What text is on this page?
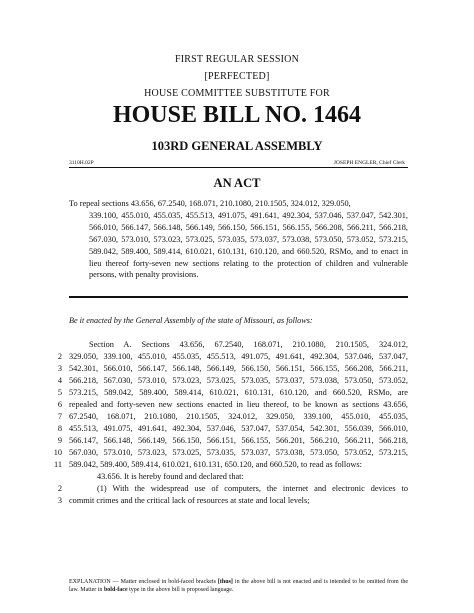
FIRST REGULAR SESSION
[PERFECTED]
HOUSE COMMITTEE SUBSTITUTE FOR
HOUSE BILL NO. 1464
103RD GENERAL ASSEMBLY
3110H.02P	JOSEPH ENGLER, Chief Clerk
AN ACT
To repeal sections 43.656, 67.2540, 168.071, 210.1080, 210.1505, 324.012, 329.050,
339.100, 455.010, 455.035, 455.513, 491.075, 491.641, 492.304, 537.046, 537.047, 542.301, 566.010, 566.147, 566.148, 566.149, 566.150, 566.151, 566.155, 566.208, 566.211, 566.218, 567.030, 573.010, 573.023, 573.025, 573.035, 573.037, 573.038, 573.050, 573.052, 573.215, 589.042, 589.400, 589.414, 610.021, 610.131, 610.120, and 660.520, RSMo, and to enact in lieu thereof forty-seven new sections relating to the protection of children and vulnerable persons, with penalty provisions.
Be it enacted by the General Assembly of the state of Missouri, as follows:
Section A. Sections 43.656, 67.2540, 168.071, 210.1080, 210.1505, 324.012,
2 329.050, 339.100, 455.010, 455.035, 455.513, 491.075, 491.641, 492.304, 537.046, 537.047,
3 542.301, 566.010, 566.147, 566.148, 566.149, 566.150, 566.151, 566.155, 566.208, 566.211,
4 566.218, 567.030, 573.010, 573.023, 573.025, 573.035, 573.037, 573.038, 573.050, 573.052,
5 573.215, 589.042, 589.400, 589.414, 610.021, 610.131, 610.120, and 660.520, RSMo, are
6 repealed and forty-seven new sections enacted in lieu thereof, to be known as sections 43.656,
7 67.2540, 168.071, 210.1080, 210.1505, 324.012, 329.050, 339.100, 455.010, 455.035,
8 455.513, 491.075, 491.641, 492.304, 537.046, 537.047, 537.054, 542.301, 556.039, 566.010,
9 566.147, 566.148, 566.149, 566.150, 566.151, 566.155, 566.201, 566.210, 566.211, 566.218,
10 567.030, 573.010, 573.023, 573.025, 573.035, 573.037, 573.038, 573.050, 573.052, 573.215,
11 589.042, 589.400, 589.414, 610.021, 610.131, 650.120, and 660.520, to read as follows:
43.656. It is hereby found and declared that:
2	(1) With the widespread use of computers, the internet and electronic devices to
3 commit crimes and the critical lack of resources at state and local levels;
EXPLANATION — Matter enclosed in bold-faced brackets [thus] in the above bill is not enacted and is intended to be omitted from the law. Matter in bold-face type in the above bill is proposed language.
